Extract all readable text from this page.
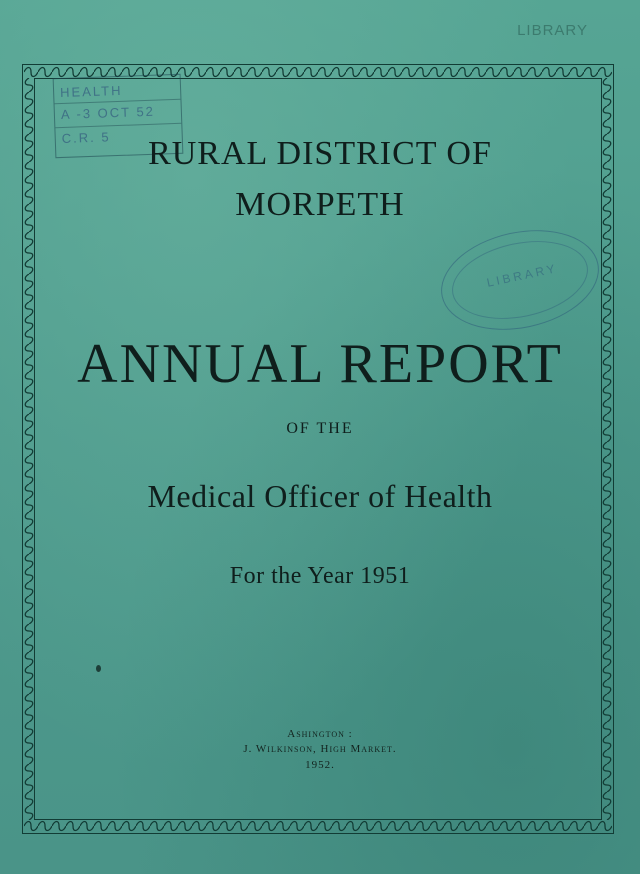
LIBRARY
HEALTH
A -3 OCT 52
C.R. 5
LIBRARY
RURAL DISTRICT OF
MORPETH
ANNUAL REPORT
OF THE
Medical Officer of Health
For the Year 1951
Ashington :
J. Wilkinson, High Market.
1952.
